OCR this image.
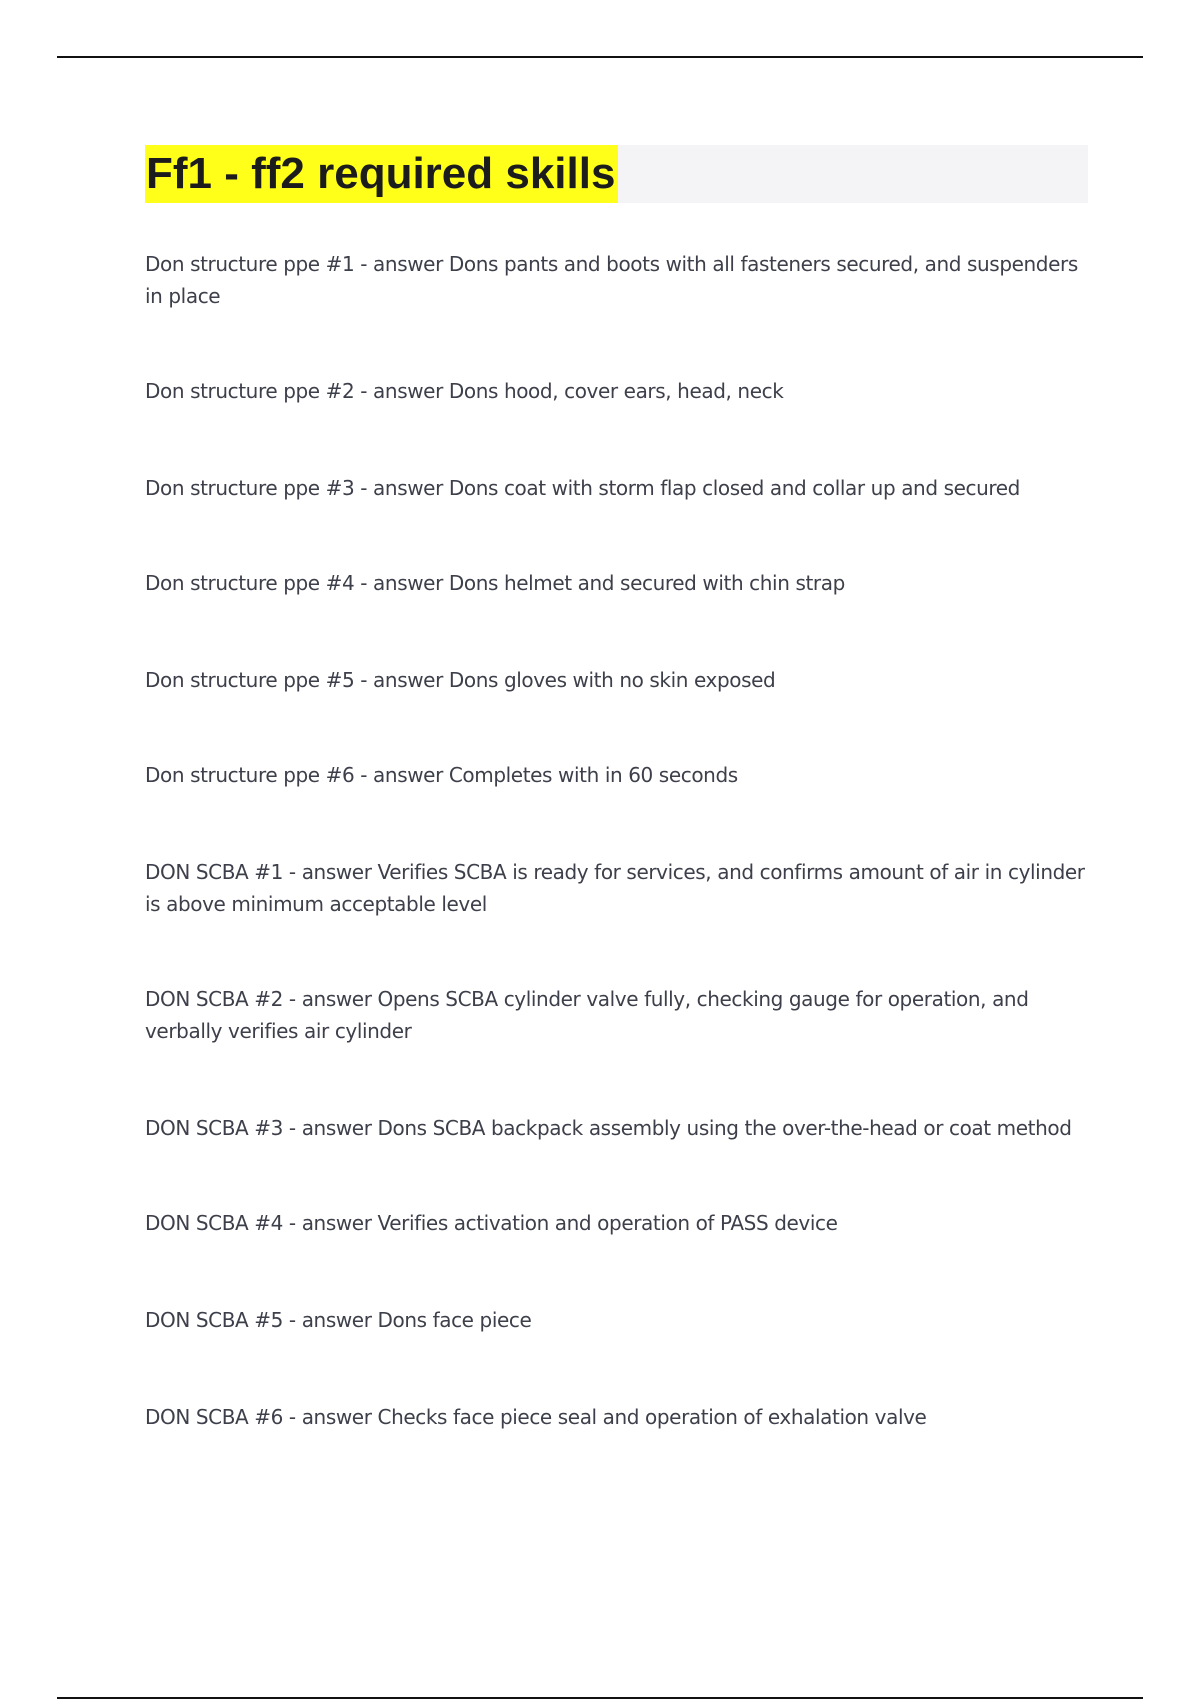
Ff1 - ff2 required skills
Don structure ppe #1 - answer Dons pants and boots with all fasteners secured, and suspenders in place
Don structure ppe #2 - answer Dons hood, cover ears, head, neck
Don structure ppe #3 - answer Dons coat with storm flap closed and collar up and secured
Don structure ppe #4 - answer Dons helmet and secured with chin strap
Don structure ppe #5 - answer Dons gloves with no skin exposed
Don structure ppe #6 - answer Completes with in 60 seconds
DON SCBA #1 - answer Verifies SCBA is ready for services, and confirms amount of air in cylinder is above minimum acceptable level
DON SCBA #2 - answer Opens SCBA cylinder valve fully, checking gauge for operation, and verbally verifies air cylinder
DON SCBA #3 - answer Dons SCBA backpack assembly using the over-the-head or coat method
DON SCBA #4 - answer Verifies activation and operation of PASS device
DON SCBA #5 - answer Dons face piece
DON SCBA #6 - answer Checks face piece seal and operation of exhalation valve
